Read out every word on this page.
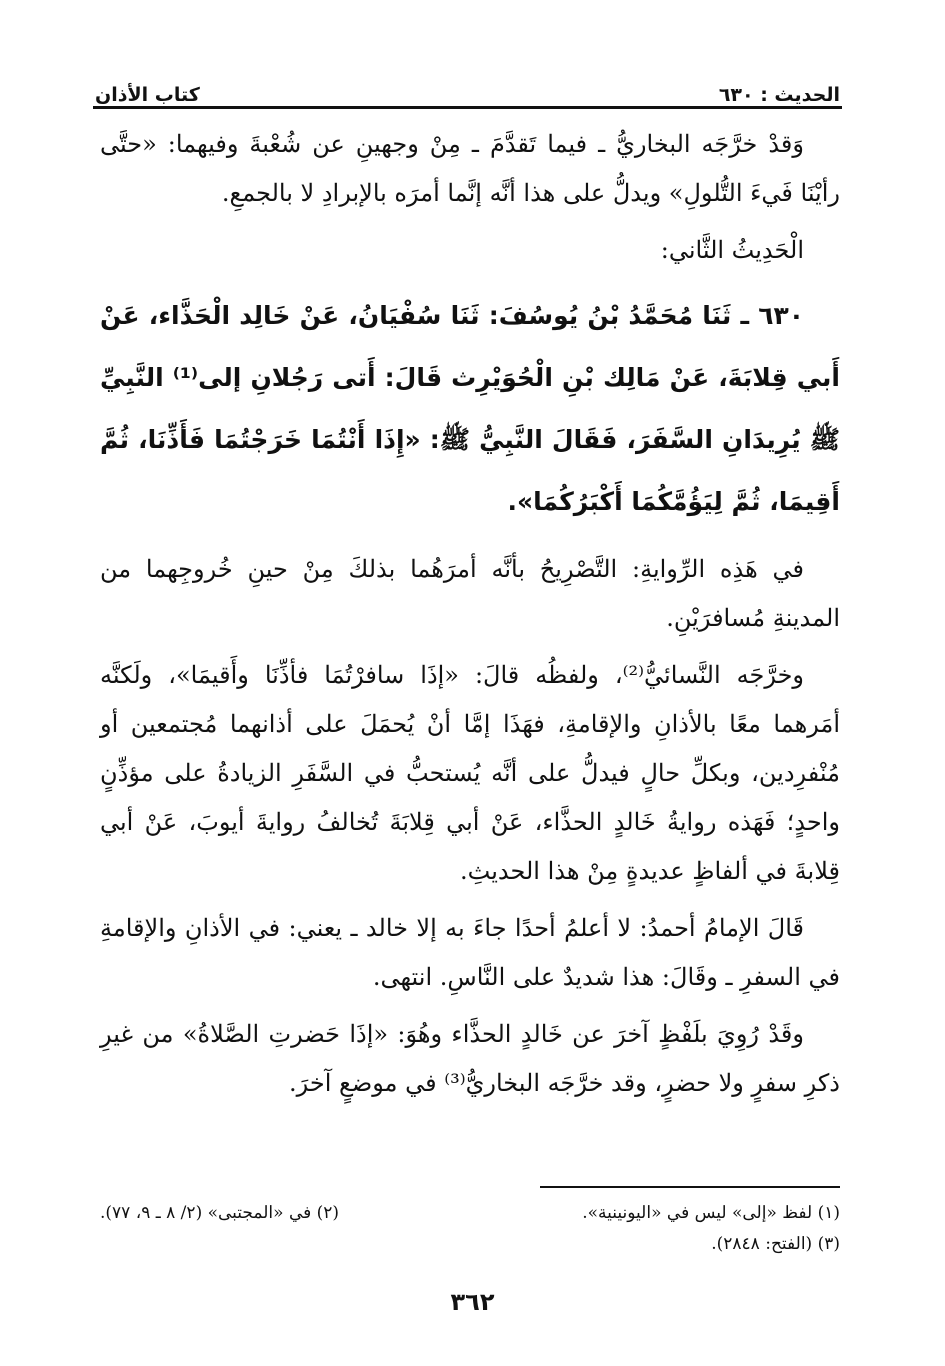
الحديث : ٦٣٠
كتاب الأذان

وَقدْ خرَّجَه البخاريُّ ـ فيما تَقدَّمَ ـ مِنْ وجهينِ عن شُعْبةَ وفيهما: «حتَّى رأيْنَا فَيءَ التُّلولِ» ويدلُّ على هذا أنَّه إنَّما أمرَه بالإبرادِ لا بالجمعِ.

الْحَدِيثُ الثَّاني:

٦٣٠ ـ ثَنَا مُحَمَّدُ بْنُ يُوسُفَ: ثَنَا سُفْيَانُ، عَنْ خَالِد الْحَذَّاء، عَنْ أَبي قِلابَةَ، عَنْ مَالِك بْنِ الْحُوَيْرِث قَالَ: أَتى رَجُلانِ إلى⁽¹⁾ النَّبِيِّ ﷺ يُرِيدَانِ السَّفَرَ، فَقَالَ النَّبِيُّ ﷺ: «إِذَا أَنْتُمَا خَرَجْتُمَا فَأَذِّنَا، ثُمَّ أَقِيمَا، ثُمَّ لِيَؤُمَّكُمَا أَكْبَرُكُمَا».

في هَذِه الرِّوايةِ: التَّصْرِيحُ بأنَّه أمرَهُما بذلكَ مِنْ حينِ خُروجِهما من المدينةِ مُسافرَيْنِ.

وخرَّجَه النَّسائيُّ⁽²⁾، ولفظُه قالَ: «إذَا سافرْتُمَا فأذِّنَا وأَقيمَا»، ولَكنَّه أمَرهما معًا بالأذانِ والإقامةِ، فهَذَا إمَّا أنْ يُحمَلَ على أذانهما مُجتمعين أو مُنْفرِدين، وبكلِّ حالٍ فيدلُّ على أنَّه يُستحبُّ في السَّفَرِ الزيادةُ على مؤذِّنٍ واحدٍ؛ فَهَذه روايةُ خَالدٍ الحذَّاء، عَنْ أبي قِلابَةَ تُخالفُ روايةَ أيوبَ، عَنْ أبي قِلابةَ في ألفاظٍ عديدةٍ مِنْ هذا الحديثِ.

قَالَ الإمامُ أحمدُ: لا أعلمُ أحدًا جاءَ به إلا خالد ـ يعني: في الأذانِ والإقامةِ في السفرِ ـ وقَالَ: هذا شديدٌ على النَّاسِ. انتهى.

وقَدْ رُوِيَ بلَفْظٍ آخرَ عن خَالدٍ الحذَّاء وهُوَ: «إذَا حَضرتِ الصَّلاةُ» من غيرِ ذكرِ سفرٍ ولا حضرٍ، وقد خرَّجَه البخاريُّ⁽³⁾ في موضعٍ آخرَ.

(١) لفظ «إلى» ليس في «اليونينية».
(٢) في «المجتبى» (٢/ ٨ ـ ٩، ٧٧).
(٣) (الفتح: ٢٨٤٨).
٣٦٢
